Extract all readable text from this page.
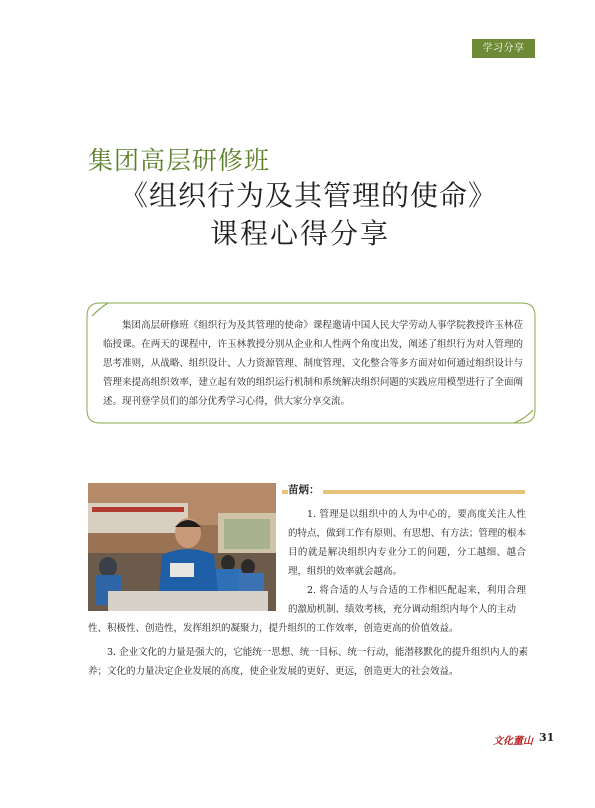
学习分享
集团高层研修班
《组织行为及其管理的使命》
课程心得分享
集团高层研修班《组织行为及其管理的使命》课程邀请中国人民大学劳动人事学院教授许玉林莅临授课。在两天的课程中，许玉林教授分别从企业和人性两个角度出发，阐述了组织行为对人管理的思考准则，从战略、组织设计、人力资源管理、制度管理、文化整合等多方面对如何通过组织设计与管理来提高组织效率，建立起有效的组织运行机制和系统解决组织问题的实践应用模型进行了全面阐述。现刊登学员们的部分优秀学习心得，供大家分享交流。
苗炳：
1. 管理是以组织中的人为中心的，要高度关注人性的特点，做到工作有原则、有思想、有方法；管理的根本目的就是解决组织内专业分工的问题，分工越细、越合理，组织的效率就会越高。
2. 将合适的人与合适的工作相匹配起来，利用合理的激励机制、绩效考核，充分调动组织内每个人的主动
性、积极性、创造性，发挥组织的凝聚力，提升组织的工作效率，创造更高的价值效益。
3. 企业文化的力量是强大的，它能统一思想、统一目标、统一行动，能潜移默化的提升组织内人的素养；文化的力量决定企业发展的高度，使企业发展的更好、更远，创造更大的社会效益。
文化董山 31
